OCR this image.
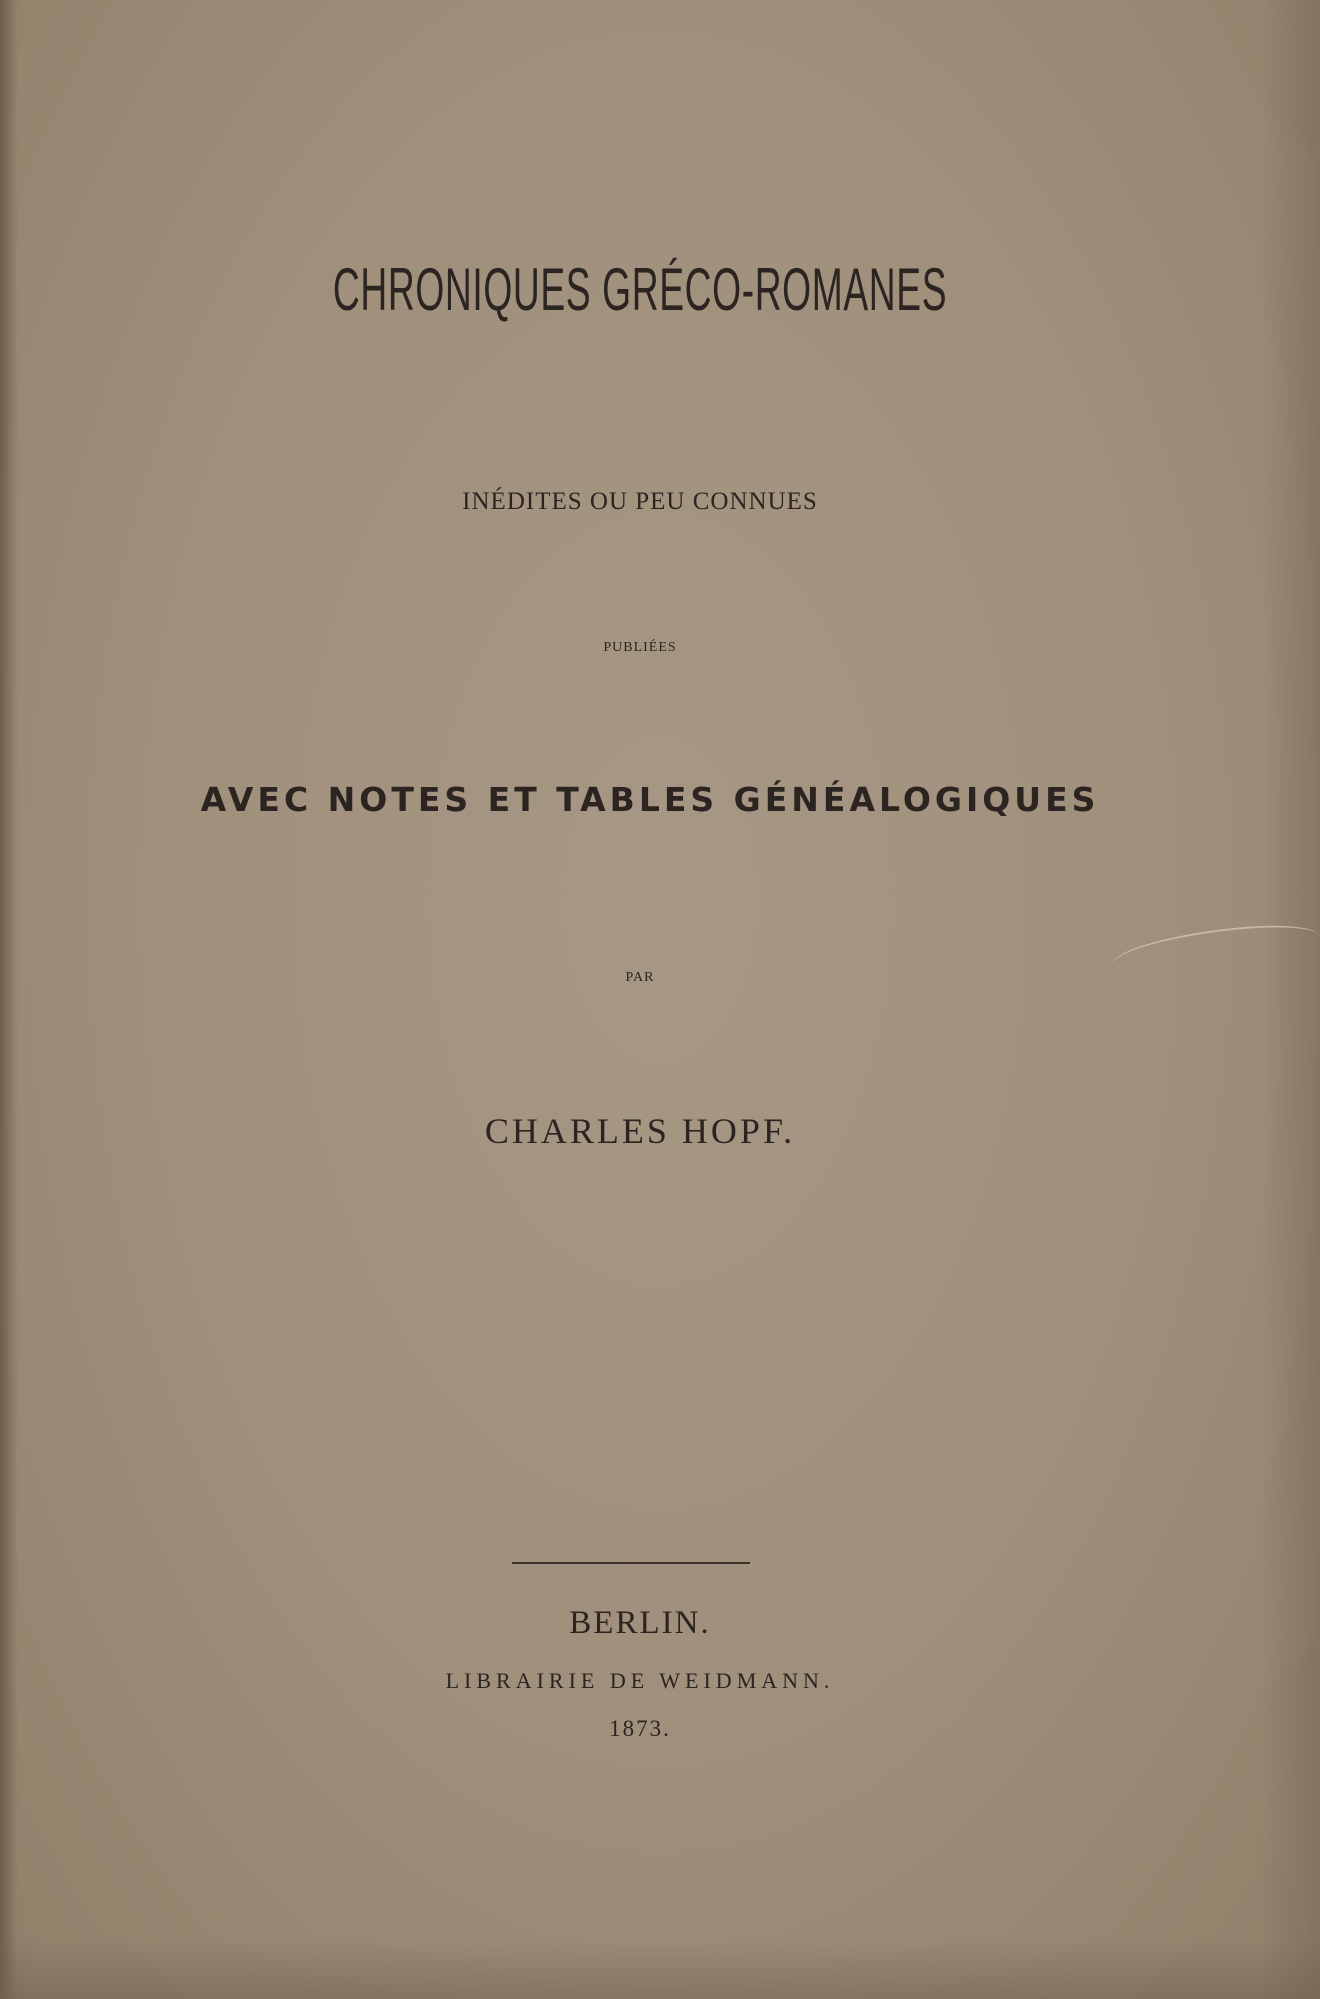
CHRONIQUES GRÉCO-ROMANES
INÉDITES OU PEU CONNUES
PUBLIÉES
AVEC NOTES ET TABLES GÉNÉALOGIQUES
PAR
CHARLES HOPF.
BERLIN.
LIBRAIRIE DE WEIDMANN.
1873.
